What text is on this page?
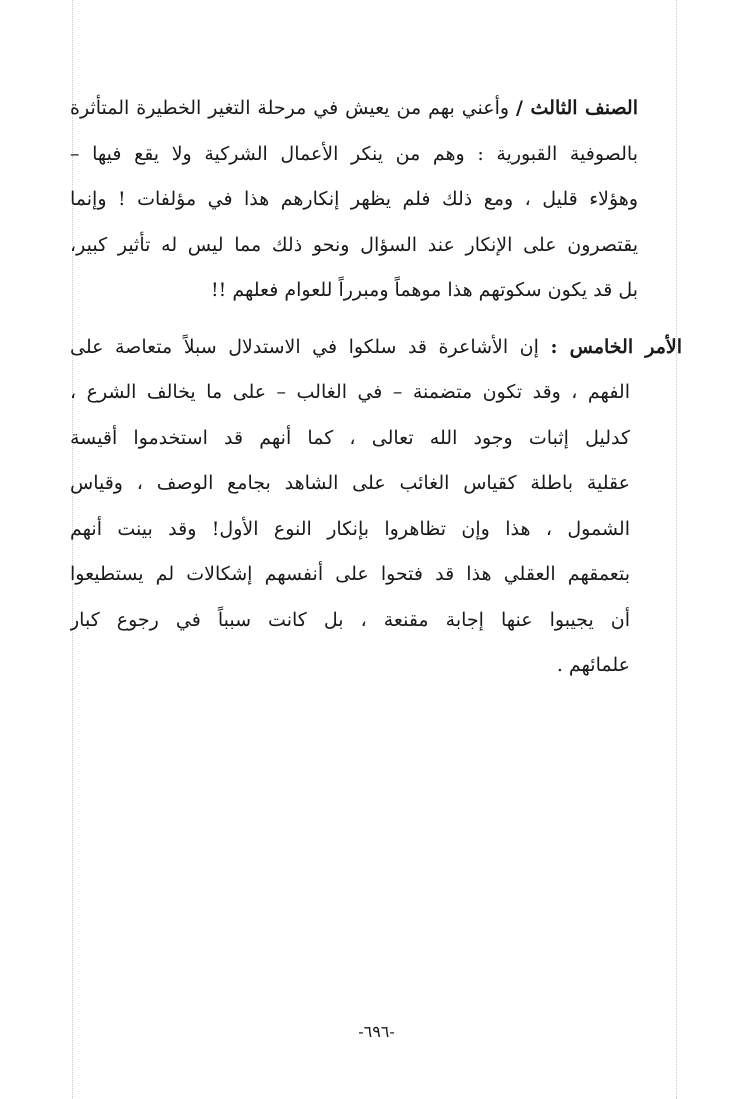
الصنف الثالث / وأعني بهم من يعيش في مرحلة التغير الخطيرة المتأثرة
بالصوفية القبورية : وهم من ينكر الأعمال الشركية ولا يقع فيها –
وهؤلاء قليل ، ومع ذلك فلم يظهر إنكارهم هذا في مؤلفات ! وإنما
يقتصرون على الإنكار عند السؤال ونحو ذلك مما ليس له تأثير كبير،
بل قد يكون سكوتهم هذا موهماً ومبرراً للعوام فعلهم !!

الأمر الخامس : إن الأشاعرة قد سلكوا في الاستدلال سبلاً متعاصة على
الفهم ، وقد تكون متضمنة – في الغالب – على ما يخالف الشرع ،
كدليل إثبات وجود الله تعالى ، كما أنهم قد استخدموا أقيسة
عقلية باطلة كقياس الغائب على الشاهد بجامع الوصف ، وقياس
الشمول ، هذا وإن تظاهروا بإنكار النوع الأول! وقد بينت أنهم
بتعمقهم العقلي هذا قد فتحوا على أنفسهم إشكالات لم يستطيعوا
أن يجيبوا عنها إجابة مقنعة ، بل كانت سبباً في رجوع كبار
علمائهم .

-٦٩٦-
